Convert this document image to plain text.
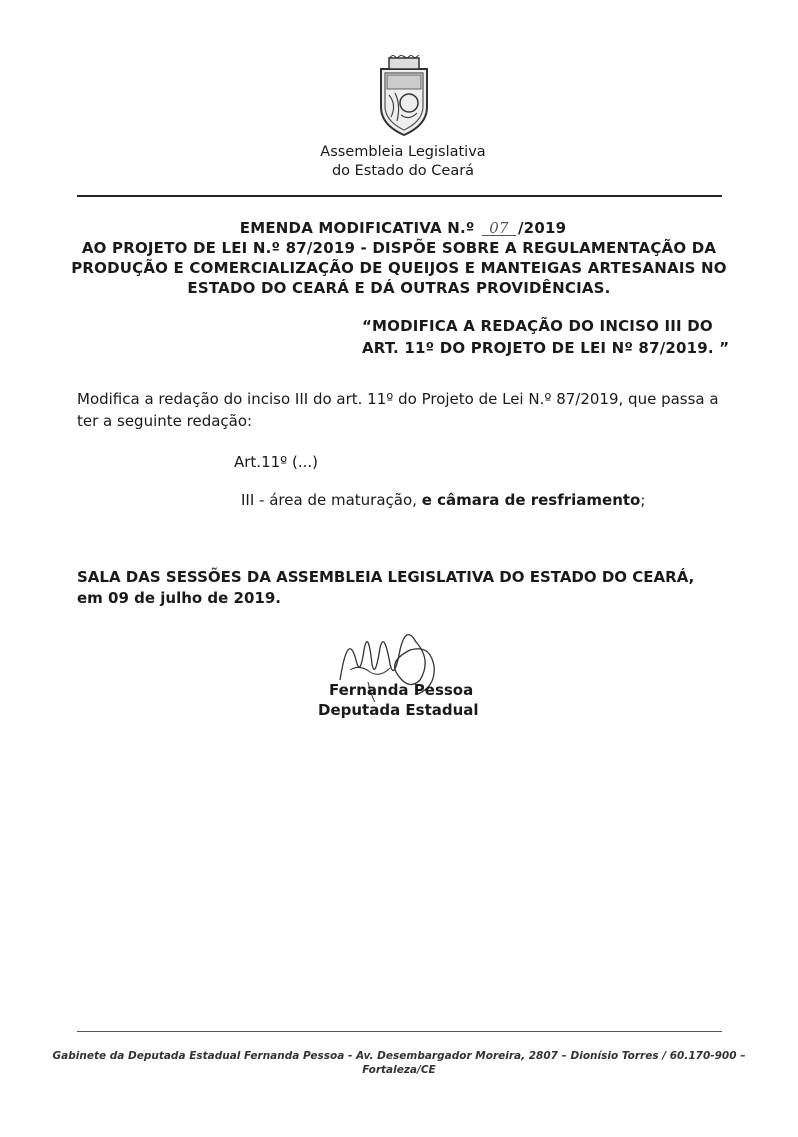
Assembleia Legislativa
do Estado do Ceará
EMENDA MODIFICATIVA N.º 07 /2019
AO PROJETO DE LEI N.º 87/2019 - DISPÕE SOBRE A REGULAMENTAÇÃO DA
PRODUÇÃO E COMERCIALIZAÇÃO DE QUEIJOS E MANTEIGAS ARTESANAIS NO
ESTADO DO CEARÁ E DÁ OUTRAS PROVIDÊNCIAS.
“MODIFICA A REDAÇÃO DO INCISO III DO
ART. 11º DO PROJETO DE LEI Nº 87/2019. ”
Modifica a redação do inciso III do art. 11º do Projeto de Lei N.º 87/2019, que passa a ter a seguinte redação:
Art.11º (...)
III - área de maturação, e câmara de resfriamento;
SALA DAS SESSÕES DA ASSEMBLEIA LEGISLATIVA DO ESTADO DO CEARÁ, em 09 de julho de 2019.
Fernanda Pessoa
Deputada Estadual
Gabinete da Deputada Estadual Fernanda Pessoa - Av. Desembargador Moreira, 2807 – Dionísio Torres / 60.170-900 –
Fortaleza/CE
